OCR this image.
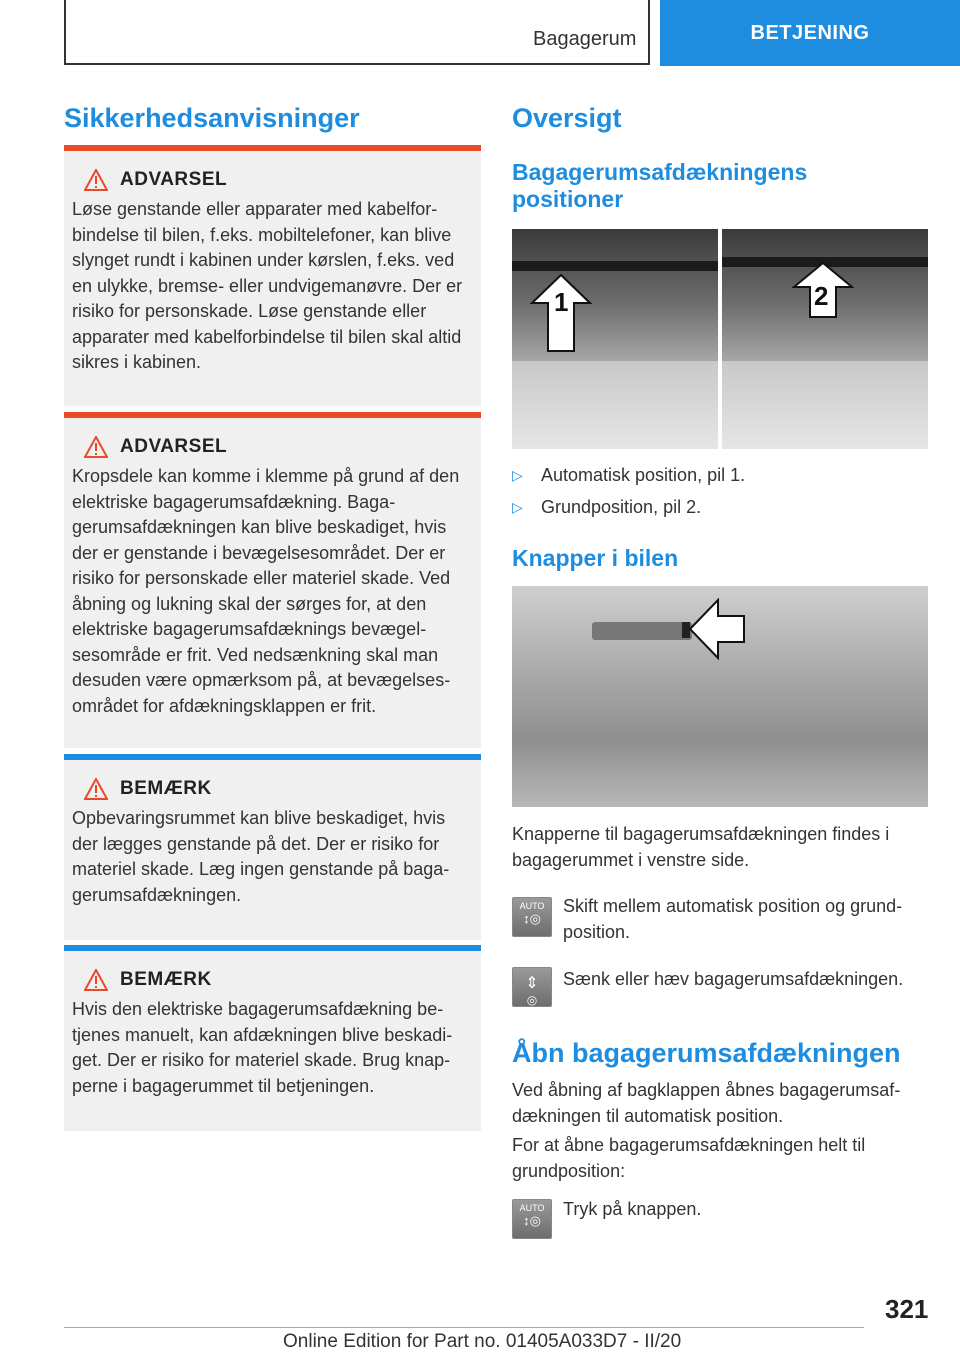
Bagagerum	BETJENING
Sikkerhedsanvisninger
ADVARSEL
Løse genstande eller apparater med kabelforbindelse til bilen, f.eks. mobiltelefoner, kan blive slynget rundt i kabinen under kørslen, f.eks. ved en ulykke, bremse- eller undvigemanøvre. Der er risiko for personskade. Løse genstande eller apparater med kabelforbindelse til bilen skal altid sikres i kabinen.
ADVARSEL
Kropsdele kan komme i klemme på grund af den elektriske bagagerumsafdækning. Bagagerumsafdækningen kan blive beskadiget, hvis der er genstande i bevægelsesområdet. Der er risiko for personskade eller materiel skade. Ved åbning og lukning skal der sørges for, at den elektriske bagagerumsafdæknings bevægelsesområde er frit. Ved nedsænkning skal man desuden være opmærksom på, at bevægelsesområdet for afdækningsklappen er frit.
BEMÆRK
Opbevaringsrummet kan blive beskadiget, hvis der lægges genstande på det. Der er risiko for materiel skade. Læg ingen genstande på bagagerumsafdækningen.
BEMÆRK
Hvis den elektriske bagagerumsafdækning betjenes manuelt, kan afdækningen blive beskadiget. Der er risiko for materiel skade. Brug knapperne i bagagerummet til betjeningen.
Oversigt
Bagagerumsafdækningens positioner
1	2
▷	Automatisk position, pil 1.
▷	Grundposition, pil 2.
Knapper i bilen
Knapperne til bagagerumsafdækningen findes i bagagerummet i venstre side.
AUTO
↕◎
Skift mellem automatisk position og grundposition.
⇕
◎
Sænk eller hæv bagagerumsafdækningen.
Åbn bagagerumsafdækningen
Ved åbning af bagklappen åbnes bagagerumsafdækningen til automatisk position.
For at åbne bagagerumsafdækningen helt til grundposition:
AUTO
↕◎
Tryk på knappen.
321
Online Edition for Part no. 01405A033D7 - II/20
